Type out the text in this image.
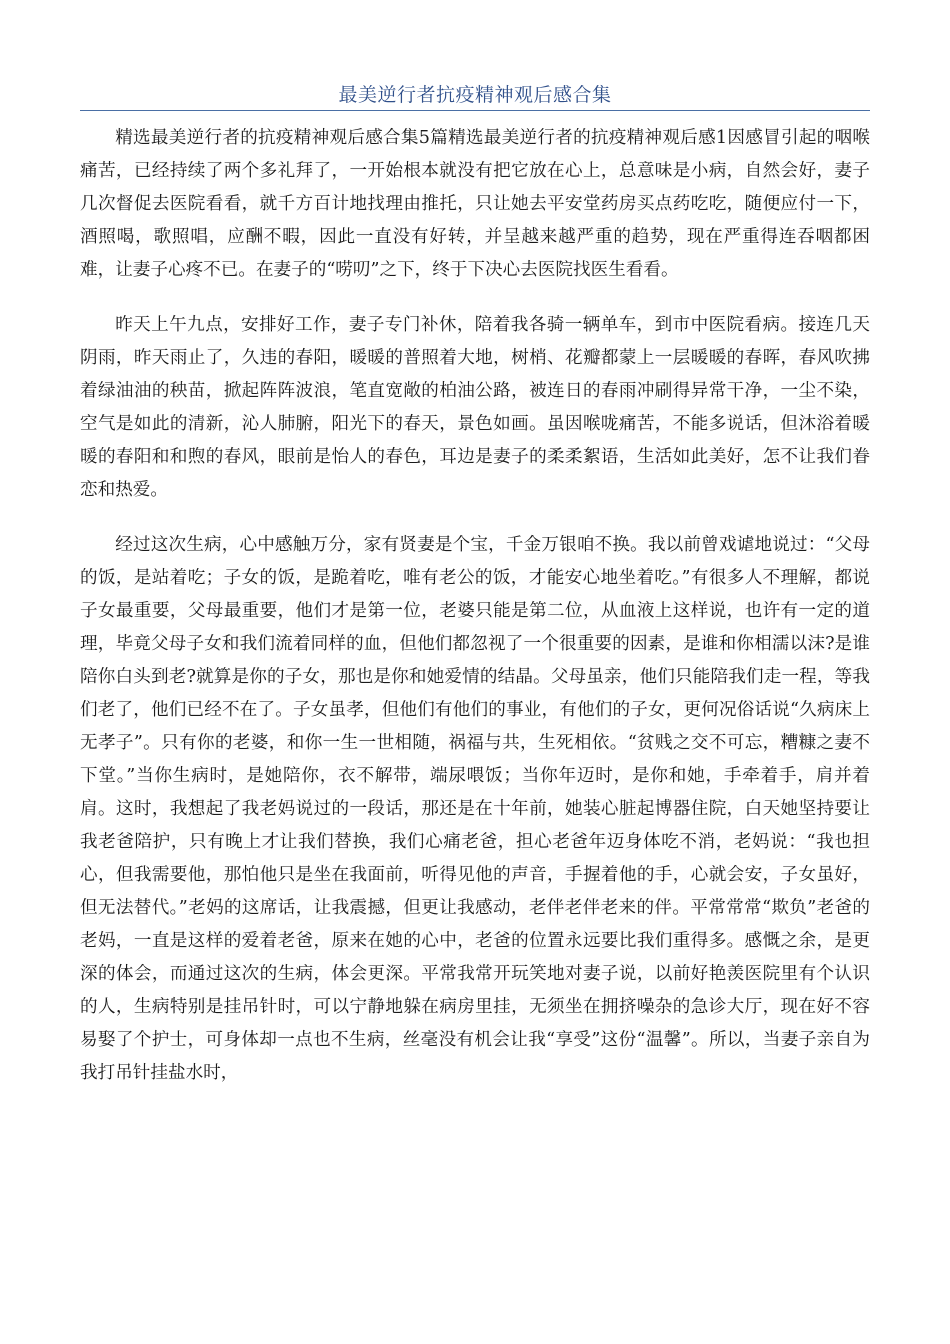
最美逆行者抗疫精神观后感合集

精选最美逆行者的抗疫精神观后感合集5篇精选最美逆行者的抗疫精神观后感1因感冒引起的咽喉痛苦，已经持续了两个多礼拜了，一开始根本就没有把它放在心上，总意味是小病，自然会好，妻子几次督促去医院看看，就千方百计地找理由推托，只让她去平安堂药房买点药吃吃，随便应付一下，酒照喝，歌照唱，应酬不暇，因此一直没有好转，并呈越来越严重的趋势，现在严重得连吞咽都困难，让妻子心疼不已。在妻子的“唠叨”之下，终于下决心去医院找医生看看。

昨天上午九点，安排好工作，妻子专门补休，陪着我各骑一辆单车，到市中医院看病。接连几天阴雨，昨天雨止了，久违的春阳，暖暖的普照着大地，树梢、花瓣都蒙上一层暖暖的春晖，春风吹拂着绿油油的秧苗，掀起阵阵波浪，笔直宽敞的柏油公路，被连日的春雨冲刷得异常干净，一尘不染，空气是如此的清新，沁人肺腑，阳光下的春天，景色如画。虽因喉咙痛苦，不能多说话，但沐浴着暖暖的春阳和和煦的春风，眼前是怡人的春色，耳边是妻子的柔柔絮语，生活如此美好，怎不让我们眷恋和热爱。

经过这次生病，心中感触万分，家有贤妻是个宝，千金万银咱不换。我以前曾戏谑地说过：“父母的饭，是站着吃；子女的饭，是跪着吃，唯有老公的饭，才能安心地坐着吃。”有很多人不理解，都说子女最重要，父母最重要，他们才是第一位，老婆只能是第二位，从血液上这样说，也许有一定的道理，毕竟父母子女和我们流着同样的血，但他们都忽视了一个很重要的因素，是谁和你相濡以沫?是谁陪你白头到老?就算是你的子女，那也是你和她爱情的结晶。父母虽亲，他们只能陪我们走一程，等我们老了，他们已经不在了。子女虽孝，但他们有他们的事业，有他们的子女，更何况俗话说“久病床上无孝子”。只有你的老婆，和你一生一世相随，祸福与共，生死相依。“贫贱之交不可忘，糟糠之妻不下堂。”当你生病时，是她陪你，衣不解带，端尿喂饭；当你年迈时，是你和她，手牵着手，肩并着肩。这时，我想起了我老妈说过的一段话，那还是在十年前，她装心脏起博器住院，白天她坚持要让我老爸陪护，只有晚上才让我们替换，我们心痛老爸，担心老爸年迈身体吃不消，老妈说：“我也担心，但我需要他，那怕他只是坐在我面前，听得见他的声音，手握着他的手，心就会安，子女虽好，但无法替代。”老妈的这席话，让我震撼，但更让我感动，老伴老伴老来的伴。平常常常“欺负”老爸的老妈，一直是这样的爱着老爸，原来在她的心中，老爸的位置永远要比我们重得多。感慨之余，是更深的体会，而通过这次的生病，体会更深。平常我常开玩笑地对妻子说，以前好艳羡医院里有个认识的人，生病特别是挂吊针时，可以宁静地躲在病房里挂，无须坐在拥挤噪杂的急诊大厅，现在好不容易娶了个护士，可身体却一点也不生病，丝毫没有机会让我“享受”这份“温馨”。所以，当妻子亲自为我打吊针挂盐水时，
